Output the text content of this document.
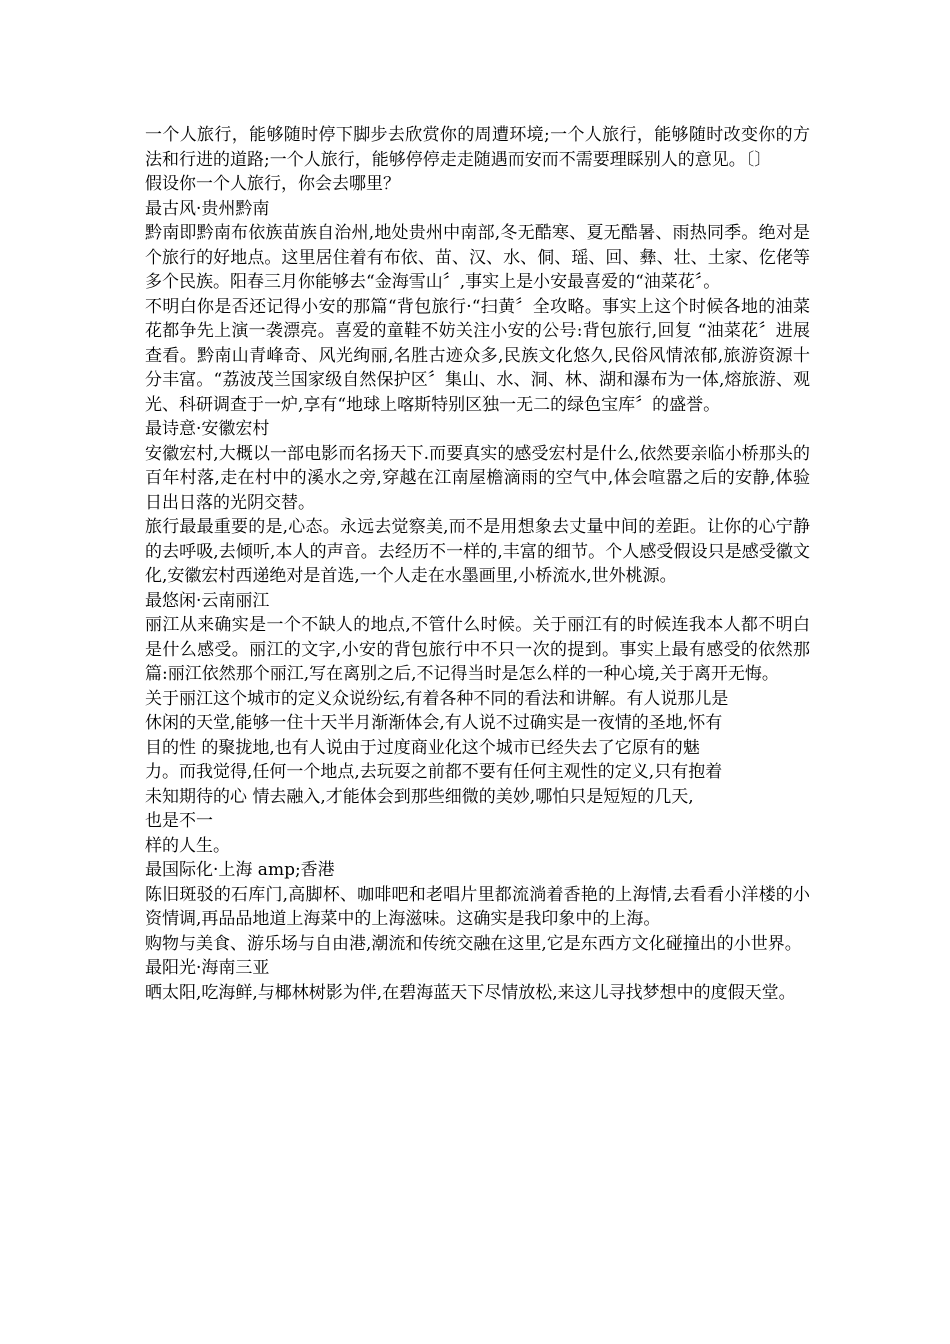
一个人旅行，能够随时停下脚步去欣赏你的周遭环境;一个人旅行，能够随时改变你的方法和行进的道路;一个人旅行，能够停停走走随遇而安而不需要理睬别人的意见。〔〕

假设你一个人旅行，你会去哪里？

最古风·贵州黔南

黔南即黔南布依族苗族自治州,地处贵州中南部,冬无酷寒、夏无酷暑、雨热同季。绝对是个旅行的好地点。这里居住着有布依、苗、汉、水、侗、瑶、回、彝、壮、土家、仡佬等多个民族。阳春三月你能够去“金海雪山〞,事实上是小安最喜爱的“油菜花〞。

不明白你是否还记得小安的那篇“背包旅行·“扫黄〞全攻略。事实上这个时候各地的油菜花都争先上演一袭漂亮。喜爱的童鞋不妨关注小安的公号:背包旅行,回复 “油菜花〞进展查看。黔南山青峰奇、风光绚丽,名胜古迹众多,民族文化悠久,民俗风情浓郁,旅游资源十分丰富。“荔波茂兰国家级自然保护区〞集山、水、洞、林、湖和瀑布为一体,熔旅游、观光、科研调查于一炉,享有“地球上喀斯特别区独一无二的绿色宝库〞的盛誉。

最诗意·安徽宏村

安徽宏村,大概以一部电影而名扬天下.而要真实的感受宏村是什么,依然要亲临小桥那头的百年村落,走在村中的溪水之旁,穿越在江南屋檐滴雨的空气中,体会喧嚣之后的安静,体验日出日落的光阴交替。

旅行最最重要的是,心态。永远去觉察美,而不是用想象去丈量中间的差距。让你的心宁静的去呼吸,去倾听,本人的声音。去经历不一样的,丰富的细节。个人感受假设只是感受徽文化,安徽宏村西递绝对是首选,一个人走在水墨画里,小桥流水,世外桃源。

最悠闲·云南丽江

丽江从来确实是一个不缺人的地点,不管什么时候。关于丽江有的时候连我本人都不明白是什么感受。丽江的文字,小安的背包旅行中不只一次的提到。事实上最有感受的依然那篇:丽江依然那个丽江,写在离别之后,不记得当时是怎么样的一种心境,关于离开无悔。

关于丽江这个城市的定义众说纷纭,有着各种不同的看法和讲解。有人说那儿是
休闲的天堂,能够一住十天半月渐渐体会,有人说不过确实是一夜情的圣地,怀有
目的性 的聚拢地,也有人说由于过度商业化这个城市已经失去了它原有的魅
力。而我觉得,任何一个地点,去玩耍之前都不要有任何主观性的定义,只有抱着
未知期待的心 情去融入,才能体会到那些细微的美妙,哪怕只是短短的几天,
也是不一
样的人生。

最国际化·上海 amp;香港

陈旧斑驳的石库门,高脚杯、咖啡吧和老唱片里都流淌着香艳的上海情,去看看小洋楼的小资情调,再品品地道上海菜中的上海滋味。这确实是我印象中的上海。

购物与美食、游乐场与自由港,潮流和传统交融在这里,它是东西方文化碰撞出的小世界。

最阳光·海南三亚

晒太阳,吃海鲜,与椰林树影为伴,在碧海蓝天下尽情放松,来这儿寻找梦想中的度假天堂。
